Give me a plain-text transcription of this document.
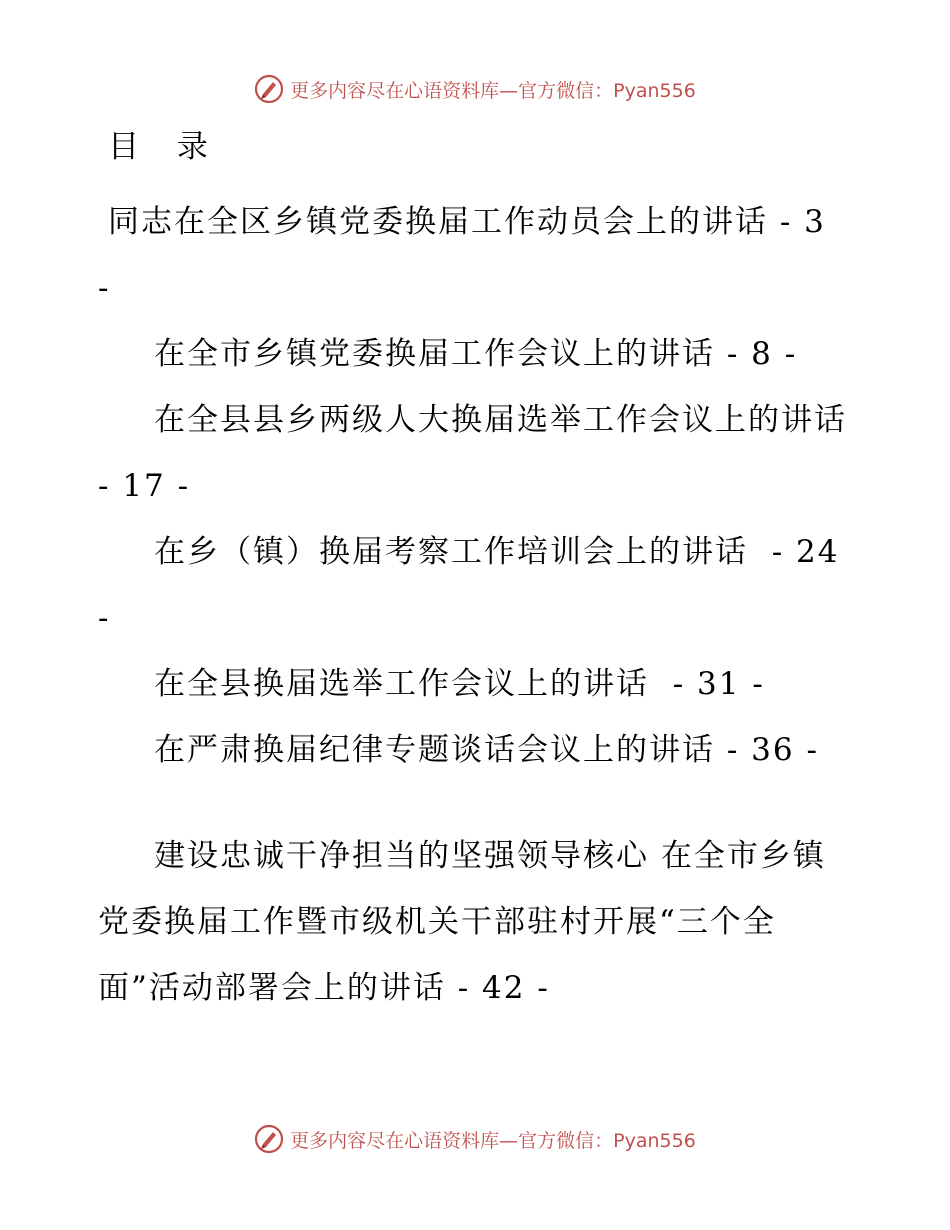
更多内容尽在心语资料库—官方微信：Pyan556
目 录

同志在全区乡镇党委换届工作动员会上的讲话 - 3 -

在全市乡镇党委换届工作会议上的讲话 - 8 -

在全县县乡两级人大换届选举工作会议上的讲话 - 17 -

在乡（镇）换届考察工作培训会上的讲话  - 24 -

在全县换届选举工作会议上的讲话  - 31 -

在严肃换届纪律专题谈话会议上的讲话 - 36 -

建设忠诚干净担当的坚强领导核心 在全市乡镇党委换届工作暨市级机关干部驻村开展“三个全面”活动部署会上的讲话 - 42 -

更多内容尽在心语资料库—官方微信：Pyan556
